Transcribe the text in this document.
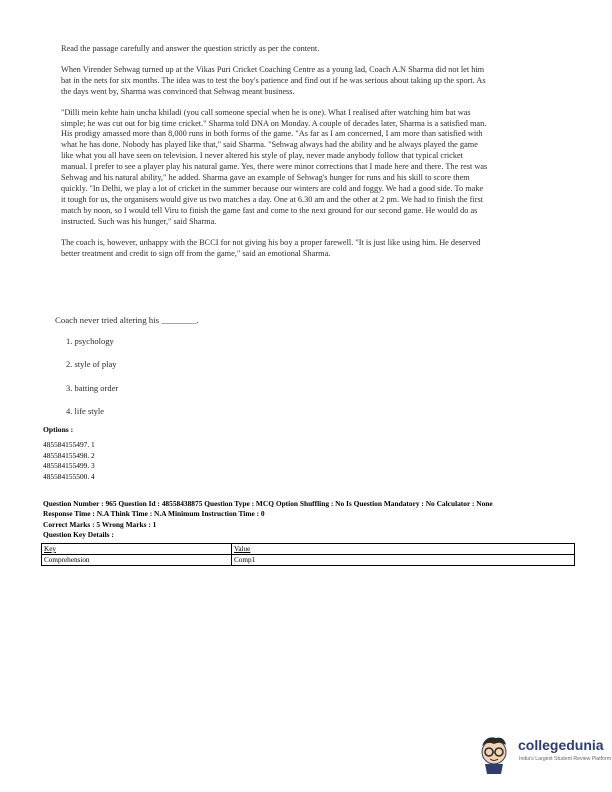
Read the passage carefully and answer the question strictly as per the content.

When Virender Sehwag turned up at the Vikas Puri Cricket Coaching Centre as a young lad, Coach A.N Sharma did not let him bat in the nets for six months. The idea was to test the boy's patience and find out if he was serious about taking up the sport. As the days went by, Sharma was convinced that Sehwag meant business.

"Dilli mein kehte hain uncha khiladi (you call someone special when he is one). What I realised after watching him bat was simple; he was cut out for big time cricket." Sharma told DNA on Monday. A couple of decades later, Sharma is a satisfied man. His prodigy amassed more than 8,000 runs in both forms of the game. "As far as I am concerned, I am more than satisfied with what he has done. Nobody has played like that," said Sharma. "Sehwag always had the ability and he always played the game like what you all have seen on television. I never altered his style of play, never made anybody follow that typical cricket manual. I prefer to see a player play his natural game. Yes, there were minor corrections that I made here and there. The rest was Sehwag and his natural ability," he added. Sharma gave an example of Sehwag's hunger for runs and his skill to score them quickly. "In Delhi, we play a lot of cricket in the summer because our winters are cold and foggy. We had a good side. To make it tough for us, the organisers would give us two matches a day. One at 6.30 am and the other at 2 pm. We had to finish the first match by noon, so I would tell Viru to finish the game fast and come to the next ground for our second game. He would do as instructed. Such was his hunger," said Sharma.

The coach is, however, unhappy with the BCCI for not giving his boy a proper farewell. "It is just like using him. He deserved better treatment and credit to sign off from the game," said an emotional Sharma.

Coach never tried altering his ________.
1. psychology
2. style of play
3. batting order
4. life style
Options :
485584155497. 1
485584155498. 2
485584155499. 3
485584155500. 4
Question Number : 965 Question Id : 48558438875 Question Type : MCQ Option Shuffling : No Is Question Mandatory : No Calculator : None
Response Time : N.A Think Time : N.A Minimum Instruction Time : 0
Correct Marks : 5 Wrong Marks : 1
Question Key Details :
Key	Value
Comprehension	Comp1
collegedunia
India's Largest Student Review Platform
